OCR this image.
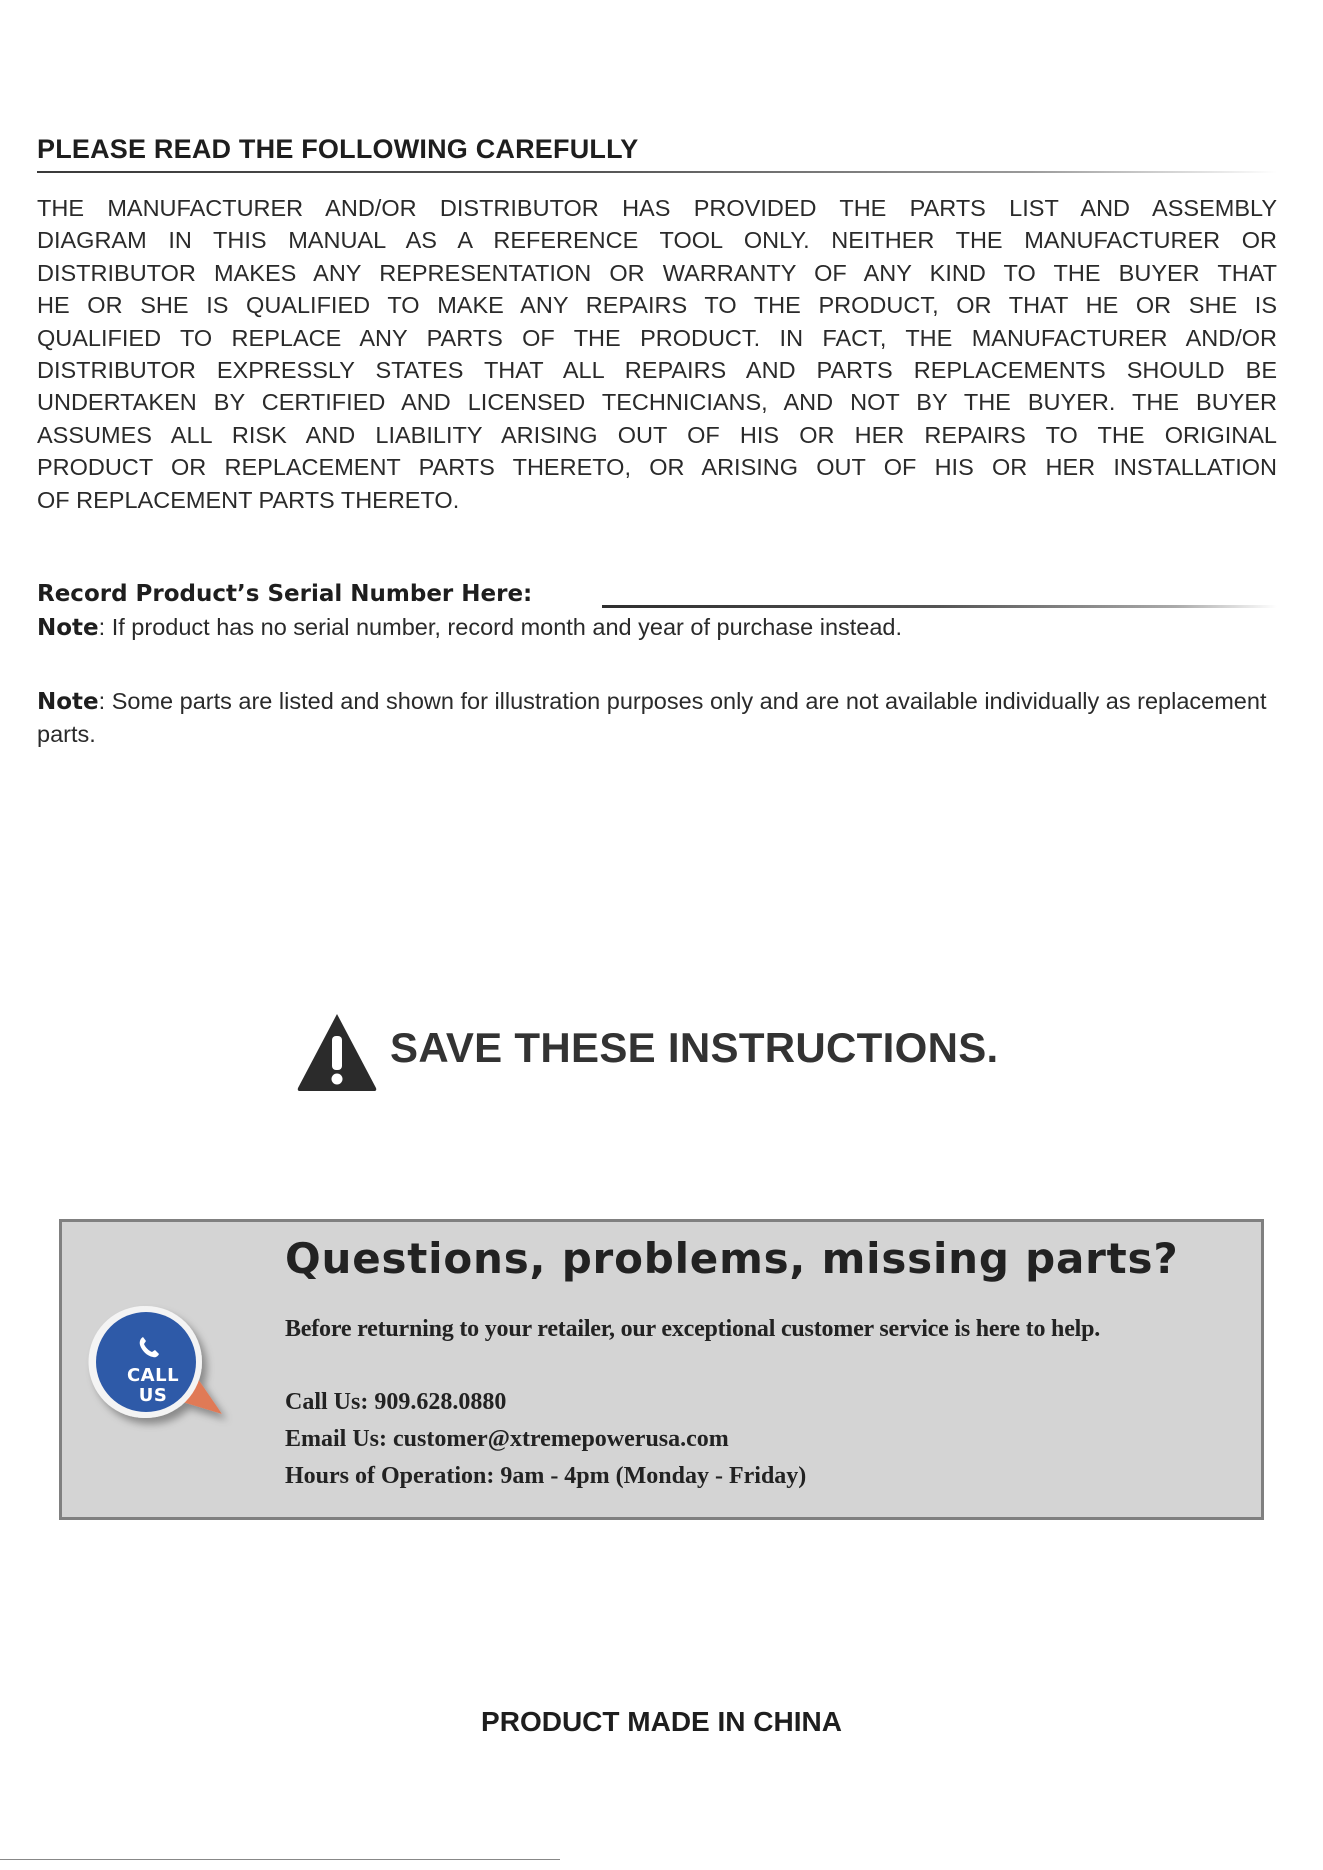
PLEASE READ THE FOLLOWING CAREFULLY
THE MANUFACTURER AND/OR DISTRIBUTOR HAS PROVIDED THE PARTS LIST AND ASSEMBLY
DIAGRAM IN THIS MANUAL AS A REFERENCE TOOL ONLY. NEITHER THE MANUFACTURER OR
DISTRIBUTOR MAKES ANY REPRESENTATION OR WARRANTY OF ANY KIND TO THE BUYER THAT
HE OR SHE IS QUALIFIED TO MAKE ANY REPAIRS TO THE PRODUCT, OR THAT HE OR SHE IS
QUALIFIED TO REPLACE ANY PARTS OF THE PRODUCT. IN FACT, THE MANUFACTURER AND/OR
DISTRIBUTOR EXPRESSLY STATES THAT ALL REPAIRS AND PARTS REPLACEMENTS SHOULD BE
UNDERTAKEN BY CERTIFIED AND LICENSED TECHNICIANS, AND NOT BY THE BUYER. THE BUYER
ASSUMES ALL RISK AND LIABILITY ARISING OUT OF HIS OR HER REPAIRS TO THE ORIGINAL
PRODUCT OR REPLACEMENT PARTS THERETO, OR ARISING OUT OF HIS OR HER INSTALLATION
OF REPLACEMENT PARTS THERETO.
Record Product’s Serial Number Here:
Note: If product has no serial number, record month and year of purchase instead.
Note: Some parts are listed and shown for illustration purposes only and are not available individually as replacement parts.
SAVE THESE INSTRUCTIONS.
CALL
US
Questions, problems, missing parts?
Before returning to your retailer, our exceptional customer service is here to help.
Call Us: 909.628.0880
Email Us: customer@xtremepowerusa.com
Hours of Operation: 9am - 4pm (Monday - Friday)
PRODUCT MADE IN CHINA
